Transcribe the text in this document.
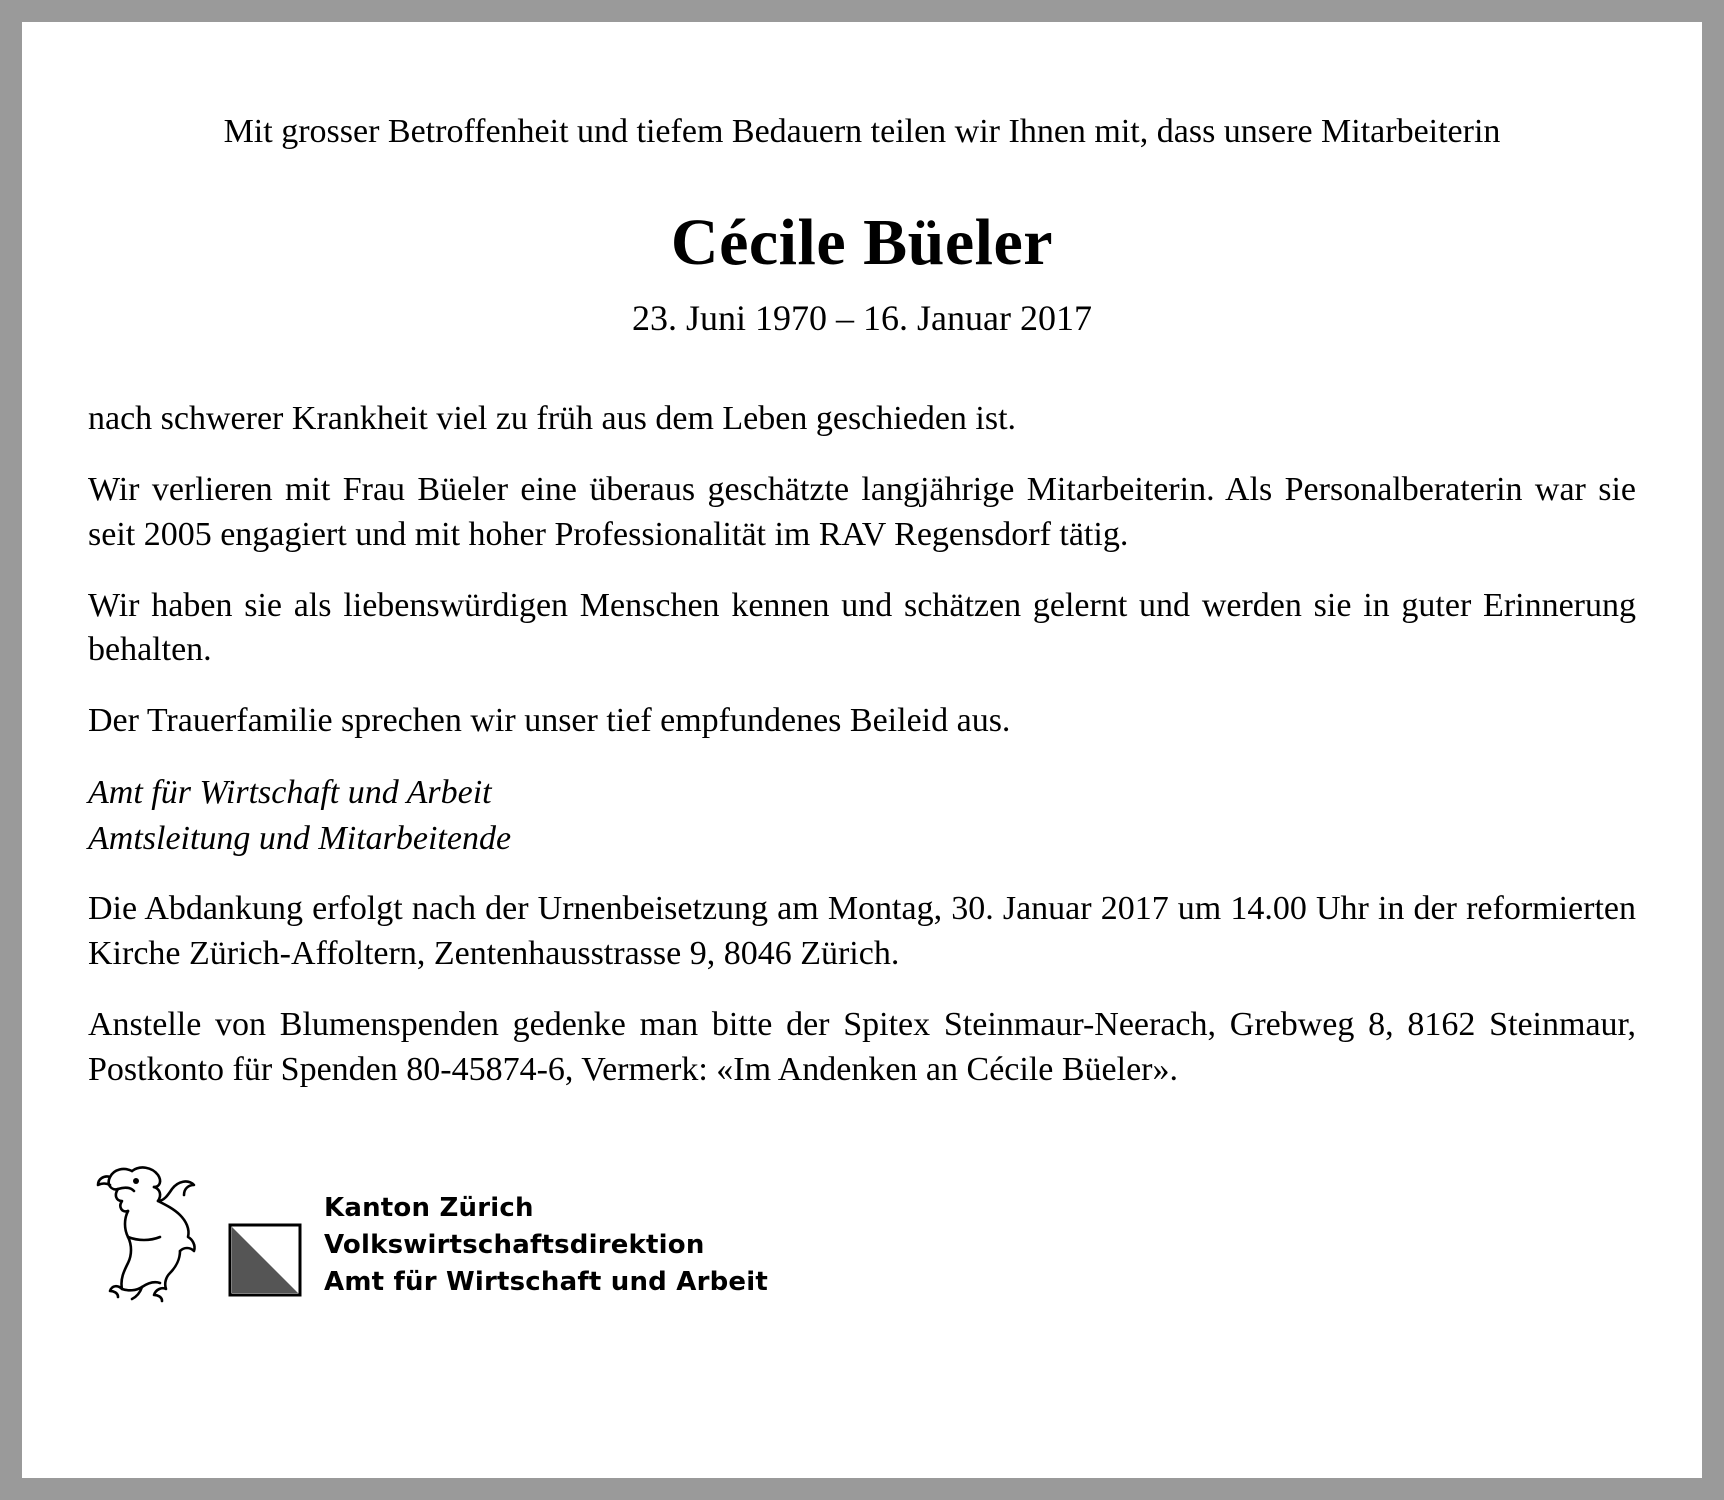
Mit grosser Betroffenheit und tiefem Bedauern teilen wir Ihnen mit, dass unsere Mitarbeiterin
Cécile Büeler
23. Juni 1970 – 16. Januar 2017

nach schwerer Krankheit viel zu früh aus dem Leben geschieden ist.

Wir verlieren mit Frau Büeler eine überaus geschätzte langjährige Mitarbeiterin. Als Personalberaterin war sie seit 2005 engagiert und mit hoher Professionalität im RAV Regensdorf tätig.

Wir haben sie als liebenswürdigen Menschen kennen und schätzen gelernt und werden sie in guter Erinnerung behalten.

Der Trauerfamilie sprechen wir unser tief empfundenes Beileid aus.

Amt für Wirtschaft und Arbeit
Amtsleitung und Mitarbeitende

Die Abdankung erfolgt nach der Urnenbeisetzung am Montag, 30. Januar 2017 um 14.00 Uhr in der reformierten Kirche Zürich-Affoltern, Zentenhausstrasse 9, 8046 Zürich.

Anstelle von Blumenspenden gedenke man bitte der Spitex Steinmaur-Neerach, Grebweg 8, 8162 Steinmaur, Postkonto für Spenden 80-45874-6, Vermerk: «Im Andenken an Cécile Büeler».

Kanton Zürich
Volkswirtschaftsdirektion
Amt für Wirtschaft und Arbeit
